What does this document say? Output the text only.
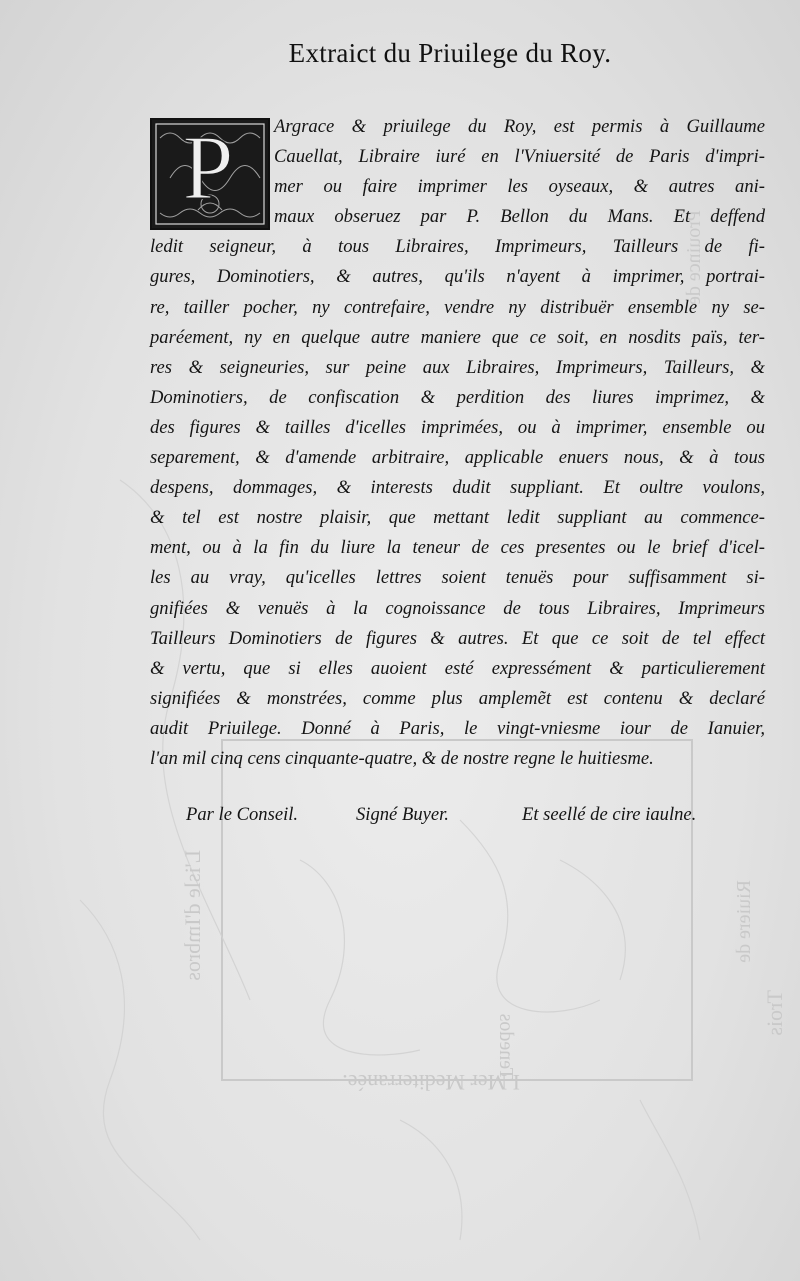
I Mer Mediterranée.
Tenedos
L'isle d'Imbros
Trois
Riuiere de
Prouince de
Extraict du Priuilege du Roy.
P Argrace & priuilege du Roy, est permis à Guillaume
Cauellat, Libraire iuré en l'Vniuersité de Paris d'impri-
mer ou faire imprimer les oyseaux, & autres ani-
maux obseruez par P. Bellon du Mans. Et deffend
ledit seigneur, à tous Libraires, Imprimeurs, Tailleurs de fi-
gures, Dominotiers, & autres, qu'ils n'ayent à imprimer, portrai-
re, tailler pocher, ny contrefaire, vendre ny distribuër ensemble ny se-
paréement, ny en quelque autre maniere que ce soit, en nosdits païs, ter-
res & seigneuries, sur peine aux Libraires, Imprimeurs, Tailleurs, &
Dominotiers, de confiscation & perdition des liures imprimez, &
des figures & tailles d'icelles imprimées, ou à imprimer, ensemble ou
separement, & d'amende arbitraire, applicable enuers nous, & à tous
despens, dommages, & interests dudit suppliant. Et oultre voulons,
& tel est nostre plaisir, que mettant ledit suppliant au commence-
ment, ou à la fin du liure la teneur de ces presentes ou le brief d'icel-
les au vray, qu'icelles lettres soient tenuës pour suffisamment si-
gnifiées & venuës à la cognoissance de tous Libraires, Imprimeurs
Tailleurs Dominotiers de figures & autres. Et que ce soit de tel effect
& vertu, que si elles auoient esté expressément & particulierement
signifiées & monstrées, comme plus amplemẽt est contenu & declaré
audit Priuilege. Donné à Paris, le vingt-vniesme iour de Ianuier,
l'an mil cinq cens cinquante-quatre, & de nostre regne le huitiesme.
Par le Conseil.	Signé Buyer.	Et seellé de cire iaulne.
